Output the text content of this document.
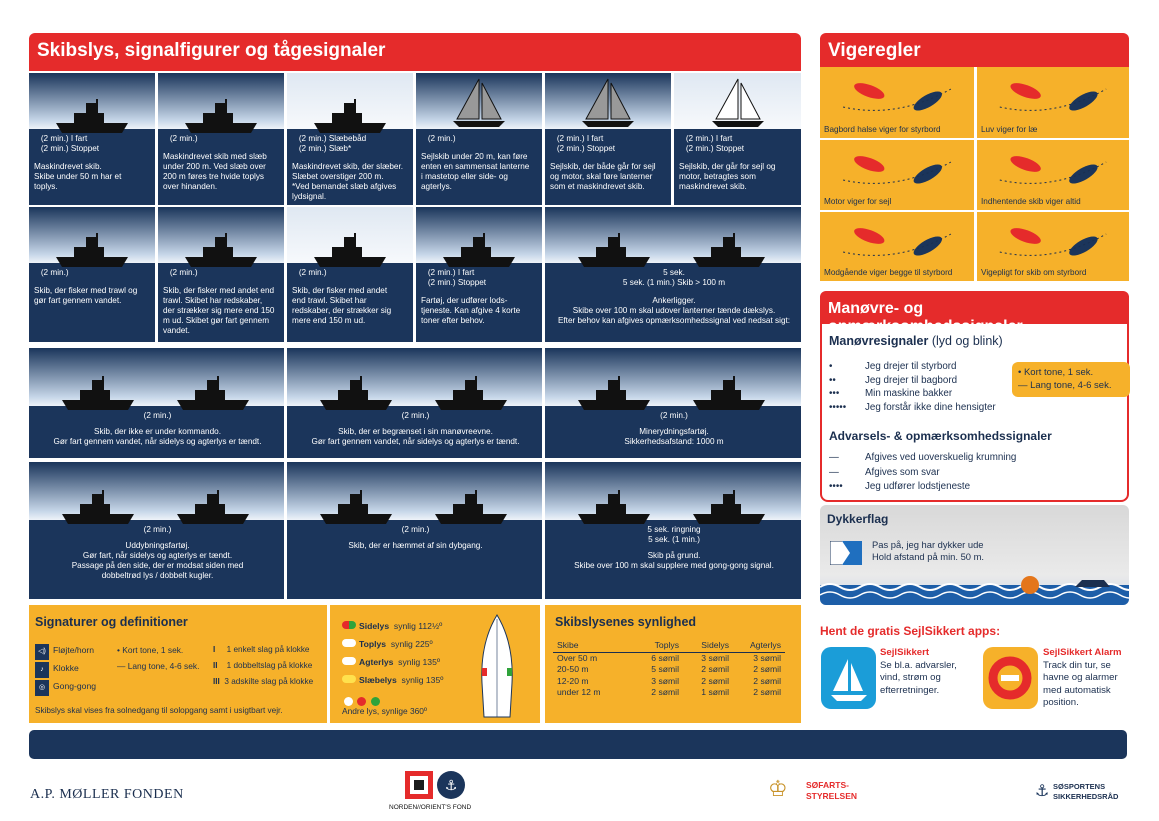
Skibslys, signalfigurer og tågesignaler
(2 min.) I fart
(2 min.) Stoppet
Maskindrevet skib.
Skibe under 50 m har et
toplys.
(2 min.)
Maskindrevet skib med slæb
under 200 m. Ved slæb over
200 m føres tre hvide toplys
over hinanden.
(2 min.) Slæbebåd
(2 min.) Slæb*
Maskindrevet skib, der slæber.
Slæbet overstiger 200 m.
*Ved bemandet slæb afgives
lydsignal.
(2 min.)
Sejlskib under 20 m, kan føre
enten en sammensat lanterne
i mastetop eller side- og
agterlys.
(2 min.) I fart
(2 min.) Stoppet
Sejlskib, der både går for sejl
og motor, skal føre lanterner
som et maskindrevet skib.
(2 min.) I fart
(2 min.) Stoppet
Sejlskib, der går for sejl og
motor, betragtes som
maskindrevet skib.
(2 min.)
Skib, der fisker med trawl og
gør fart gennem vandet.
(2 min.)
Skib, der fisker med andet end
trawl. Skibet har redskaber,
der strækker sig mere end 150
m ud. Skibet gør fart gennem
vandet.
(2 min.)
Skib, der fisker med andet
end trawl. Skibet har
redskaber, der strækker sig
mere end 150 m ud.
(2 min.) I fart
(2 min.) Stoppet
Fartøj, der udfører lods-
tjeneste. Kan afgive 4 korte
toner efter behov.
5 sek.
5 sek. (1 min.) Skib > 100 m
Ankerligger.
Skibe over 100 m skal udover lanterner tænde dækslys.
Efter behov kan afgives opmærksomhedssignal ved nedsat sigt:
(2 min.)
Skib, der ikke er under kommando.
Gør fart gennem vandet, når sidelys og agterlys er tændt.
(2 min.)
Skib, der er begrænset i sin manøvreevne.
Gør fart gennem vandet, når sidelys og agterlys er tændt.
(2 min.)
Minerydningsfartøj.
Sikkerhedsafstand: 1000 m
(2 min.)
Uddybningsfartøj.
Gør fart, når sidelys og agterlys er tændt.
Passage på den side, der er modsat siden med
dobbeltrød lys / dobbelt kugler.
(2 min.)
Skib, der er hæmmet af sin dybgang.
5 sek. ringning
5 sek. (1 min.)
Skib på grund.
Skibe over 100 m skal supplere med gong-gong signal.
Vigeregler
Bagbord halse viger for styrbord	Luv viger for læ
Motor viger for sejl	Indhentende skib viger altid
Modgående viger begge til styrbord	Vigepligt for skib om styrbord
Manøvre- og
Manøvresignaler (lyd og blink)
•	Jeg drejer til styrbord
••	Jeg drejer til bagbord
•••	Min maskine bakker
••••• Jeg forstår ikke dine hensigter
• Kort tone, 1 sek.
— Lang tone, 4-6 sek.
Advarsels- & opmærksomhedssignaler
—	Afgives ved uoverskuelig krumning
—	Afgives som svar
•••• Jeg udfører lodstjeneste
Dykkerflag
Pas på, jeg har dykker ude
Hold afstand på min. 50 m.
Signaturer og definitioner
◁) Fløjte/horn
♪ Klokke
◎ Gong-gong
• Kort tone, 1 sek.
— Lang tone, 4-6 sek.
I 1 enkelt slag på klokke
II 1 dobbeltslag på klokke
III 3 adskilte slag på klokke
Skibslys skal vises fra solnedgang til solopgang samt i usigtbart vejr.
Sidelys synlig 112½º
Toplys synlig 225º
Agterlys synlig 135º
Slæbelys synlig 135º

Andre lys, synlige 360º
Skibslysenes synlighed
Skibe	Toplys	Sidelys	Agterlys
Over 50 m	6 sømil	3 sømil	3 sømil
20-50 m	5 sømil	2 sømil	2 sømil
12-20 m	3 sømil	2 sømil	2 sømil
under 12 m	2 sømil	1 sømil	2 sømil
Hent de gratis SejlSikkert apps:
SejlSikkert
Se bl.a. advarsler,
vind, strøm og
efterretninger.
SejlSikkert Alarm
Track din tur, se
havne og alarmer
med automatisk
position.
A.P. MØLLER FONDEN
⚓
NORDEN//ORIENT'S FOND
♔ SØFARTS-
STYRELSEN	⚓ SØSPORTENS
SIKKERHEDSRÅD
